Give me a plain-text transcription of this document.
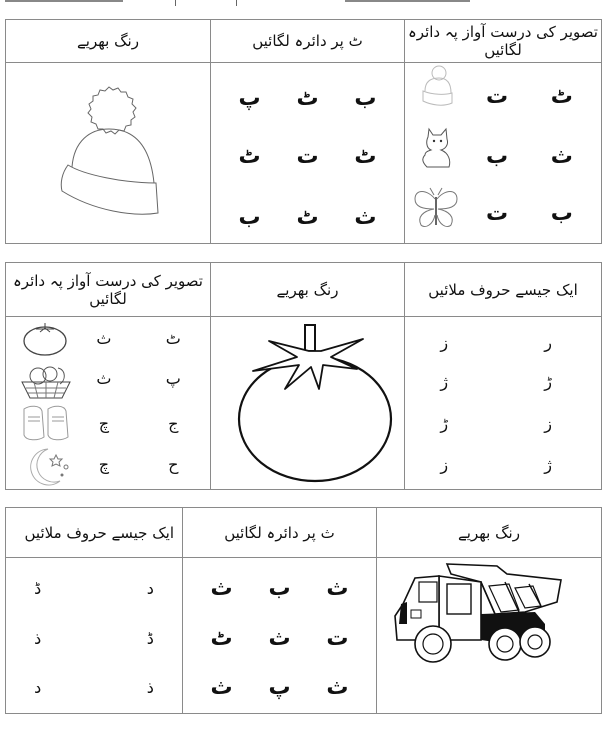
رنگ بھریے	ٹ پر دائرہ لگائیں	تصویر کی درست آواز پہ دائرہ لگائیں

پ ٹ ب
ٹ ت ٹ
ب ٹ ث

ت ٹ
ب ث
ت ب
تصویر کی درست آواز پہ دائرہ لگائیں	رنگ بھریے	ایک جیسے حروف ملائیں

ث	ٹ
ث	پ
چ	ج
چ	ح

ز	ر
ژ	ڑ
ڑ	ز
ز	ژ
ایک جیسے حروف ملائیں	ث پر دائرہ لگائیں	رنگ بھریے

ڈ	د
ذ	ڈ
د	ذ

ث ب ث
ٹ ث ت
ث پ ث
